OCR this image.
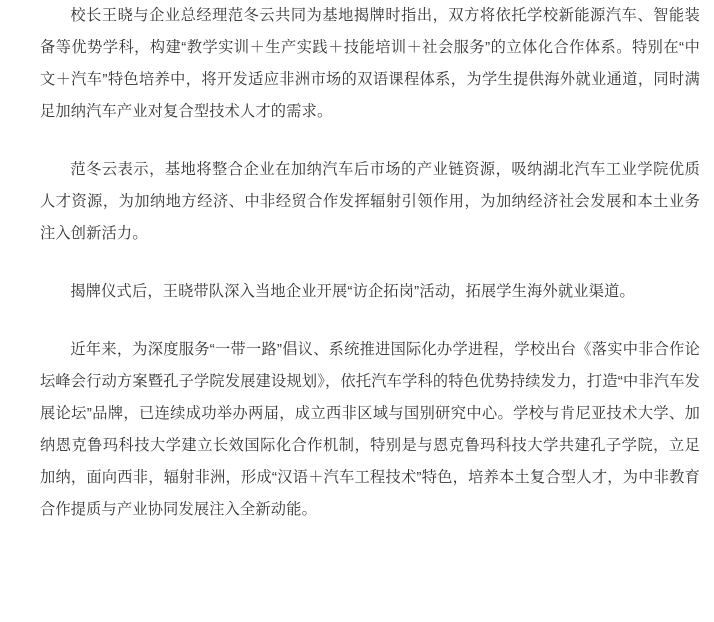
校长王晓与企业总经理范冬云共同为基地揭牌时指出，双方将依托学校新能源汽车、智能装备等优势学科，构建“教学实训＋生产实践＋技能培训＋社会服务”的立体化合作体系。特别在“中文＋汽车”特色培养中，将开发适应非洲市场的双语课程体系，为学生提供海外就业通道，同时满足加纳汽车产业对复合型技术人才的需求。

范冬云表示，基地将整合企业在加纳汽车后市场的产业链资源，吸纳湖北汽车工业学院优质人才资源，为加纳地方经济、中非经贸合作发挥辐射引领作用，为加纳经济社会发展和本土业务注入创新活力。

揭牌仪式后，王晓带队深入当地企业开展“访企拓岗”活动，拓展学生海外就业渠道。

近年来，为深度服务“一带一路”倡议、系统推进国际化办学进程，学校出台《落实中非合作论坛峰会行动方案暨孔子学院发展建设规划》，依托汽车学科的特色优势持续发力，打造“中非汽车发展论坛”品牌，已连续成功举办两届，成立西非区域与国别研究中心。学校与肯尼亚技术大学、加纳恩克鲁玛科技大学建立长效国际化合作机制，特别是与恩克鲁玛科技大学共建孔子学院，立足加纳，面向西非，辐射非洲，形成“汉语＋汽车工程技术”特色，培养本土复合型人才，为中非教育合作提质与产业协同发展注入全新动能。
